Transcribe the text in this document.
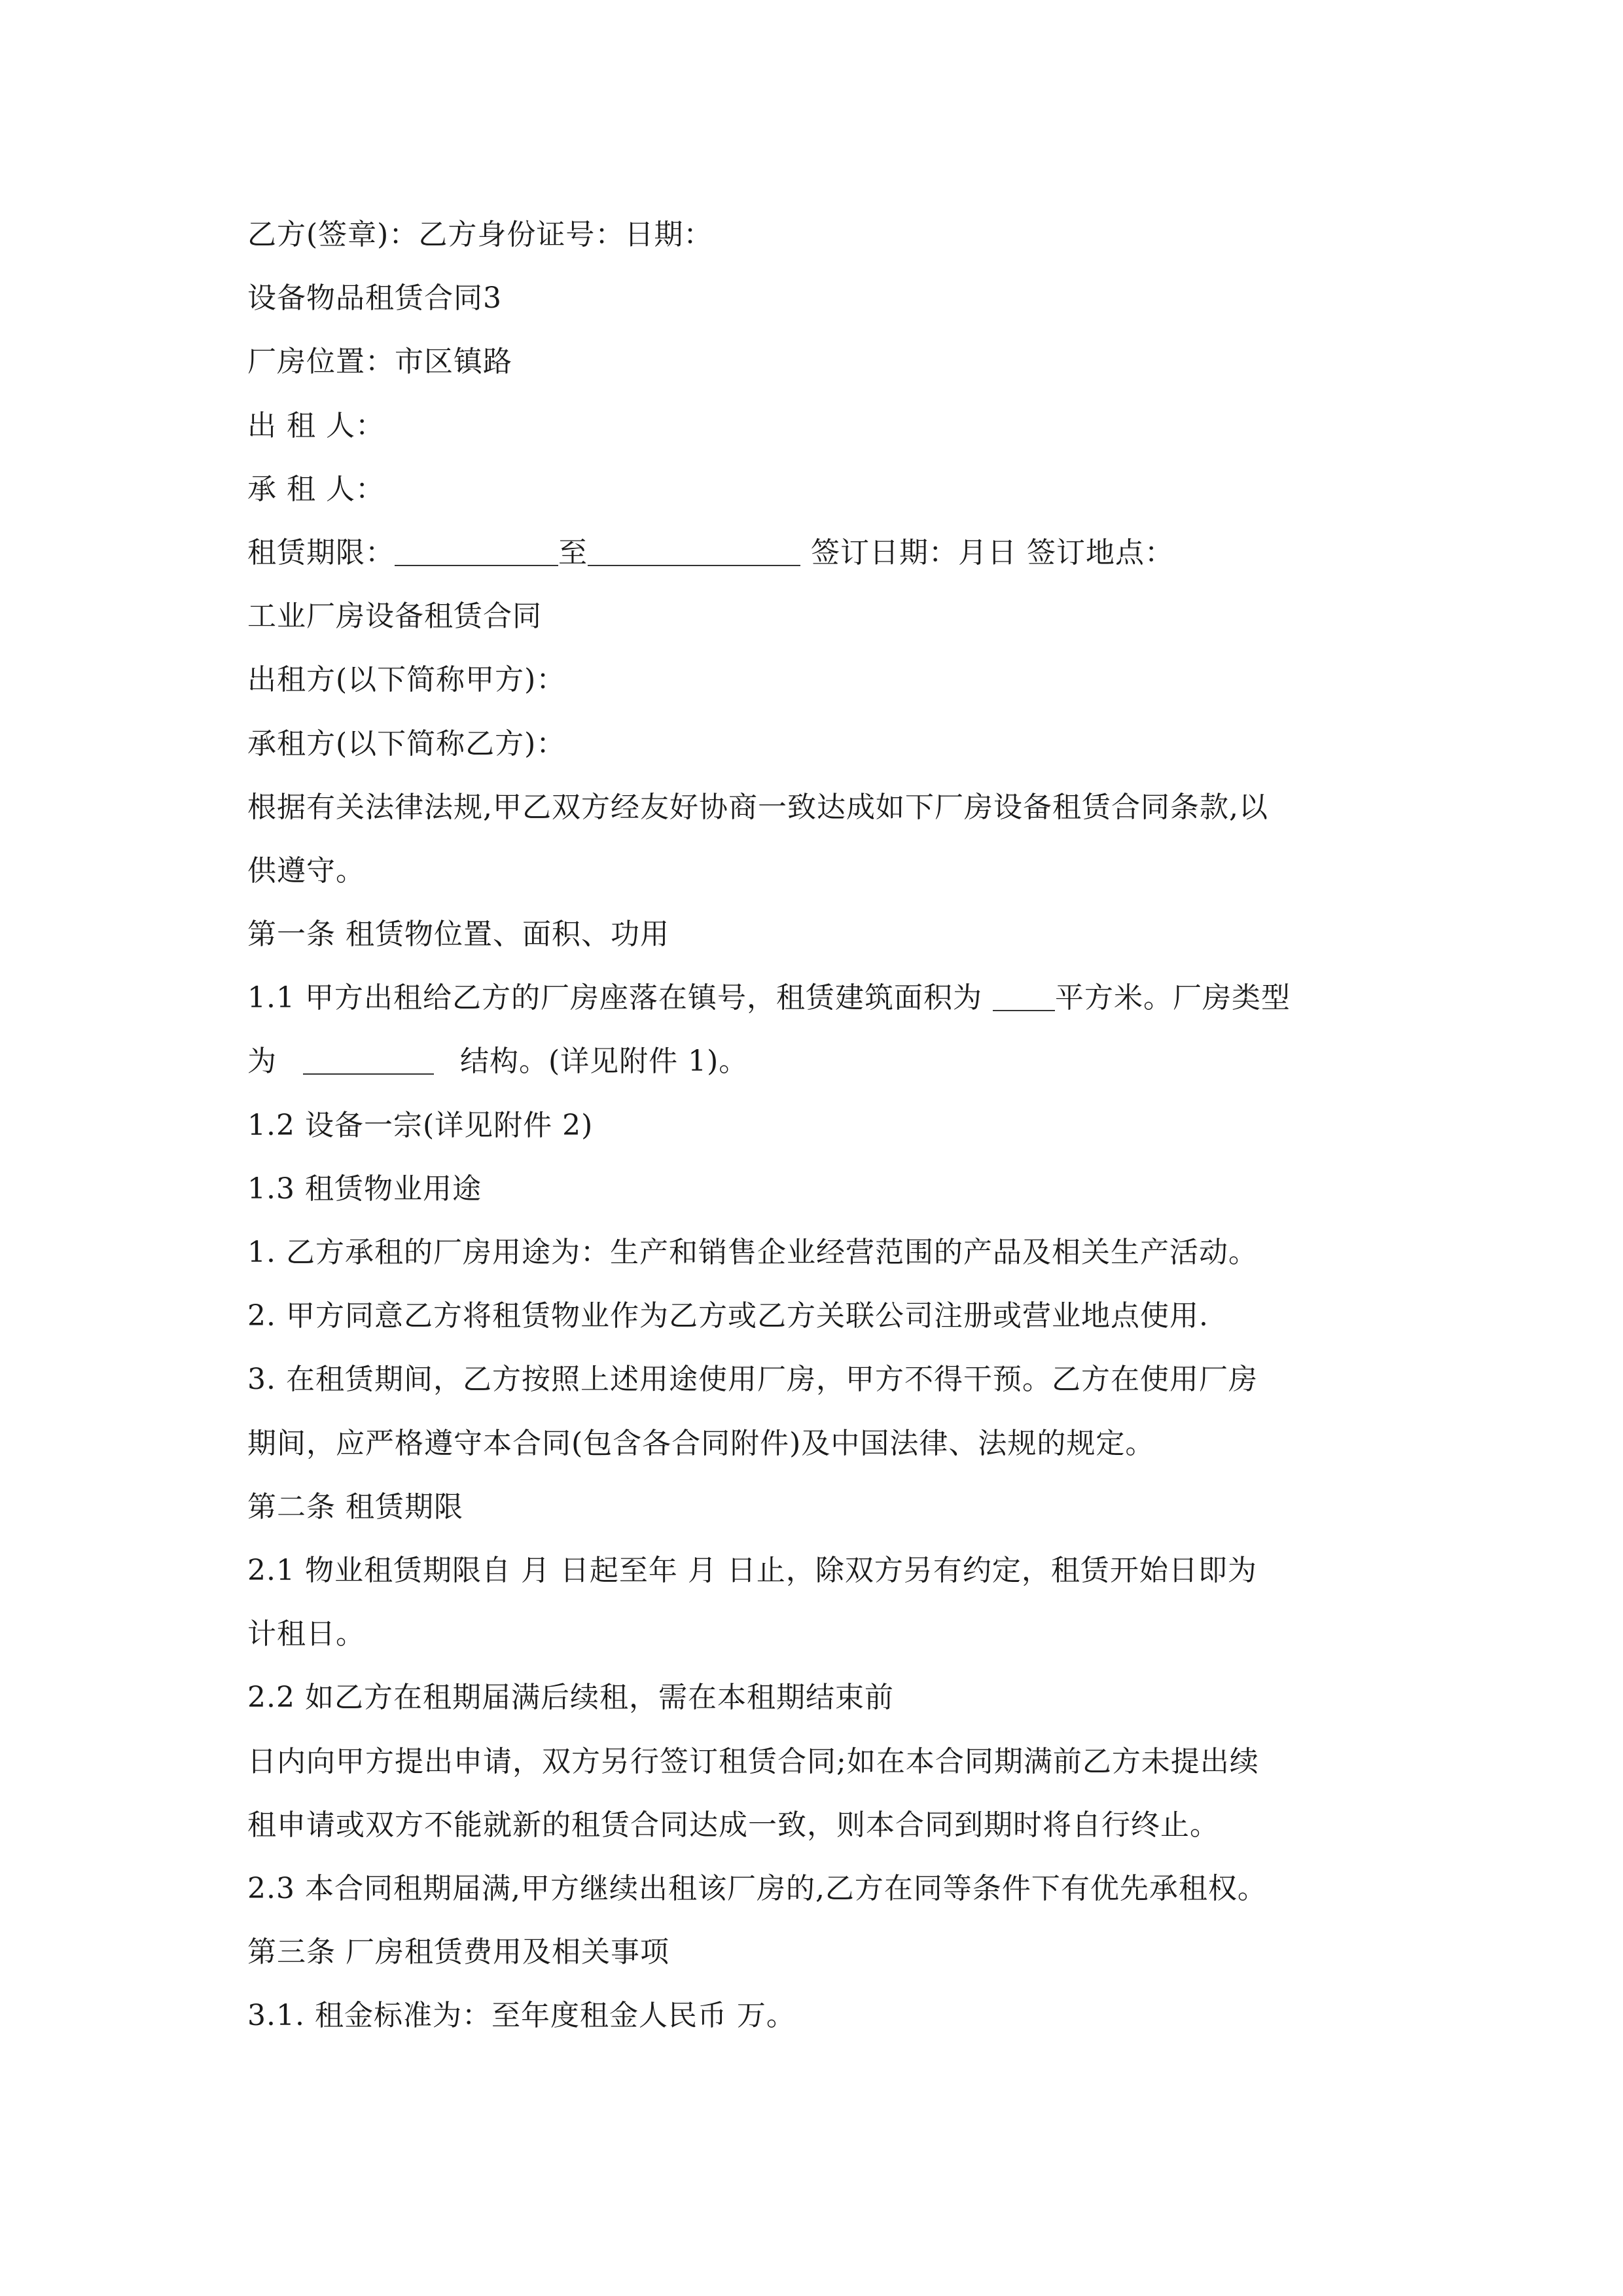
乙方(签章)：乙方身份证号：日期：
设备物品租赁合同3
厂房位置：市区镇路
出 租 人：
承 租 人：
租赁期限：	至	签订日期：月日 签订地点：
工业厂房设备租赁合同
出租方(以下简称甲方)：
承租方(以下简称乙方)：
根据有关法律法规,甲乙双方经友好协商一致达成如下厂房设备租赁合同条款,以
供遵守。
第一条 租赁物位置、面积、功用
1.1 甲方出租给乙方的厂房座落在镇号，租赁建筑面积为	平方米。厂房类型
为	结构。(详见附件 1)。
1.2 设备一宗(详见附件 2)
1.3 租赁物业用途
1. 乙方承租的厂房用途为：生产和销售企业经营范围的产品及相关生产活动。
2. 甲方同意乙方将租赁物业作为乙方或乙方关联公司注册或营业地点使用.
3. 在租赁期间，乙方按照上述用途使用厂房，甲方不得干预。乙方在使用厂房
期间，应严格遵守本合同(包含各合同附件)及中国法律、法规的规定。
第二条 租赁期限
2.1 物业租赁期限自 月 日起至年 月 日止，除双方另有约定，租赁开始日即为
计租日。
2.2 如乙方在租期届满后续租，需在本租期结束前
日内向甲方提出申请，双方另行签订租赁合同;如在本合同期满前乙方未提出续
租申请或双方不能就新的租赁合同达成一致，则本合同到期时将自行终止。
2.3 本合同租期届满,甲方继续出租该厂房的,乙方在同等条件下有优先承租权。
第三条 厂房租赁费用及相关事项
3.1. 租金标准为：至年度租金人民币 万。
